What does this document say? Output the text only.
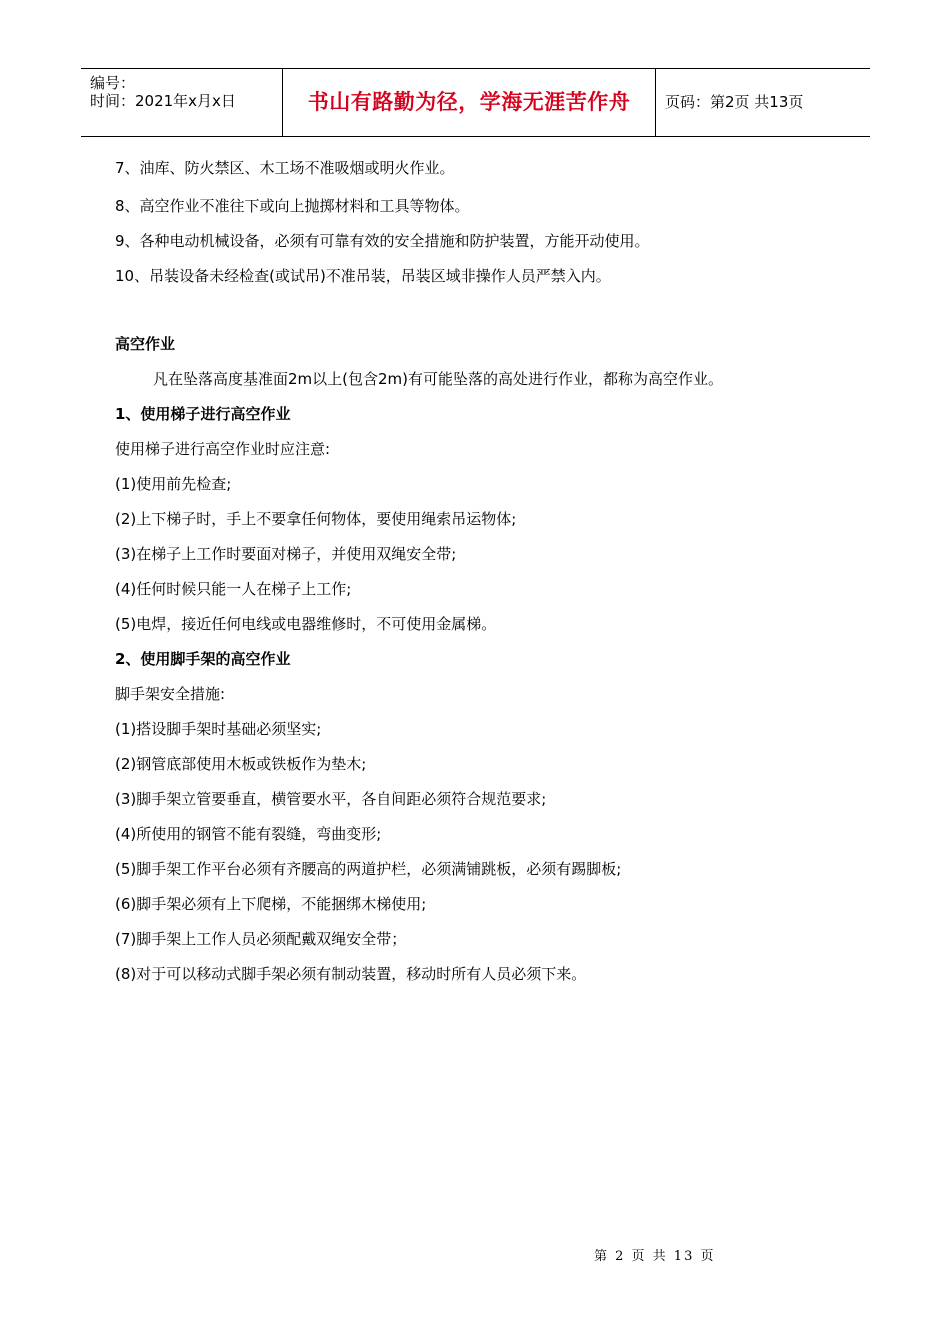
编号：
时间：2021年x月x日	书山有路勤为径，学海无涯苦作舟	页码：第2页 共13页
7、油库、防火禁区、木工场不准吸烟或明火作业。
8、高空作业不准往下或向上抛掷材料和工具等物体。
9、各种电动机械设备，必须有可靠有效的安全措施和防护装置，方能开动使用。
10、吊装设备未经检查(或试吊)不准吊装，吊装区域非操作人员严禁入内。
高空作业
凡在坠落高度基准面2m以上(包含2m)有可能坠落的高处进行作业，都称为高空作业。
1、使用梯子进行高空作业
使用梯子进行高空作业时应注意:
(1)使用前先检查;
(2)上下梯子时，手上不要拿任何物体，要使用绳索吊运物体;
(3)在梯子上工作时要面对梯子，并使用双绳安全带;
(4)任何时候只能一人在梯子上工作;
(5)电焊，接近任何电线或电器维修时，不可使用金属梯。
2、使用脚手架的高空作业
脚手架安全措施:
(1)搭设脚手架时基础必须坚实;
(2)钢管底部使用木板或铁板作为垫木;
(3)脚手架立管要垂直，横管要水平，各自间距必须符合规范要求;
(4)所使用的钢管不能有裂缝，弯曲变形;
(5)脚手架工作平台必须有齐腰高的两道护栏，必须满铺跳板，必须有踢脚板;
(6)脚手架必须有上下爬梯，不能捆绑木梯使用;
(7)脚手架上工作人员必须配戴双绳安全带；
(8)对于可以移动式脚手架必须有制动装置，移动时所有人员必须下来。
第 2 页 共 13 页
